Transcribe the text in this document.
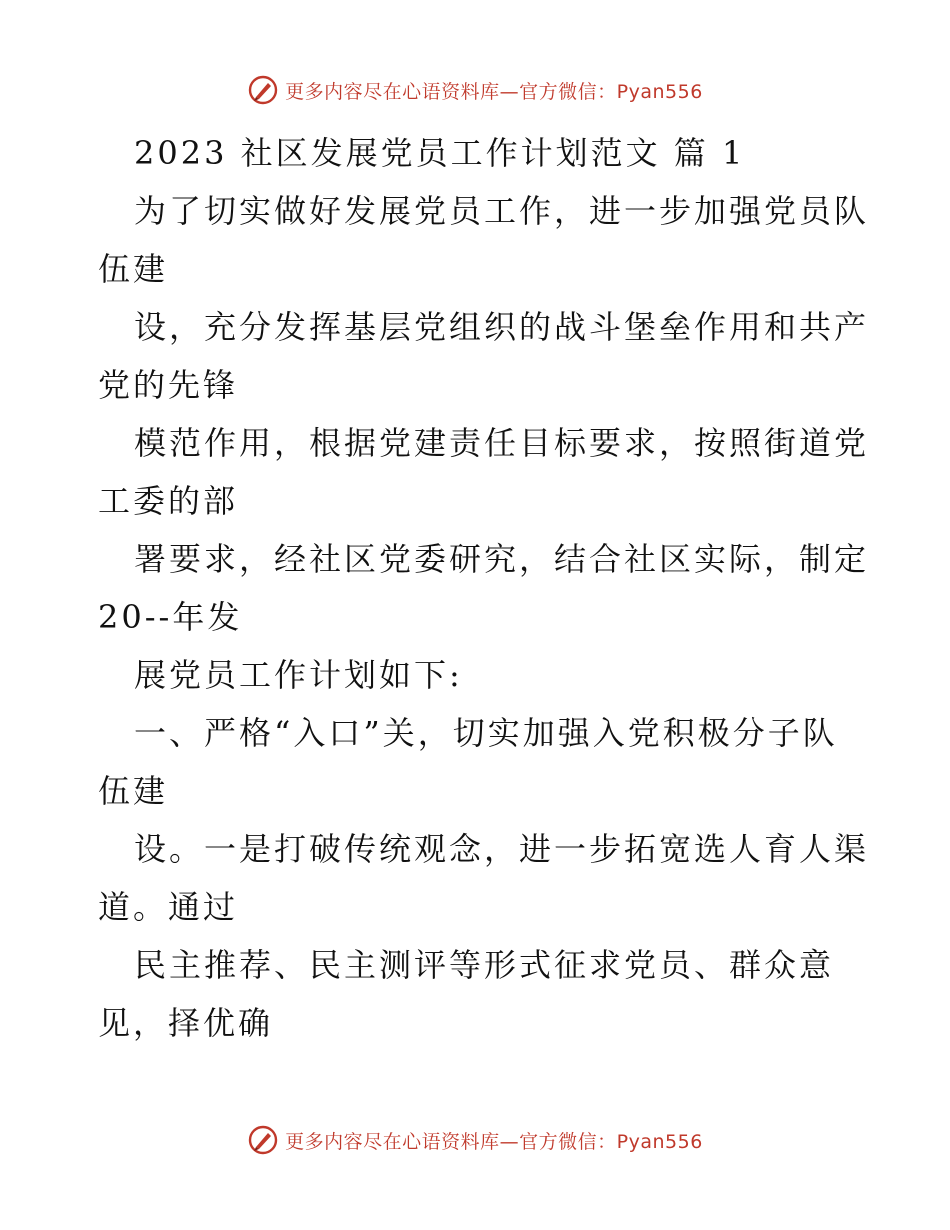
更多内容尽在心语资料库—官方微信：Pyan556
2023 社区发展党员工作计划范文 篇 1
为了切实做好发展党员工作，进一步加强党员队
伍建
设，充分发挥基层党组织的战斗堡垒作用和共产
党的先锋
模范作用，根据党建责任目标要求，按照街道党
工委的部
署要求，经社区党委研究，结合社区实际，制定
20--年发
展党员工作计划如下:
一、严格“入口”关，切实加强入党积极分子队
伍建
设。一是打破传统观念，进一步拓宽选人育人渠
道。通过
民主推荐、民主测评等形式征求党员、群众意
见，择优确
更多内容尽在心语资料库—官方微信：Pyan556
